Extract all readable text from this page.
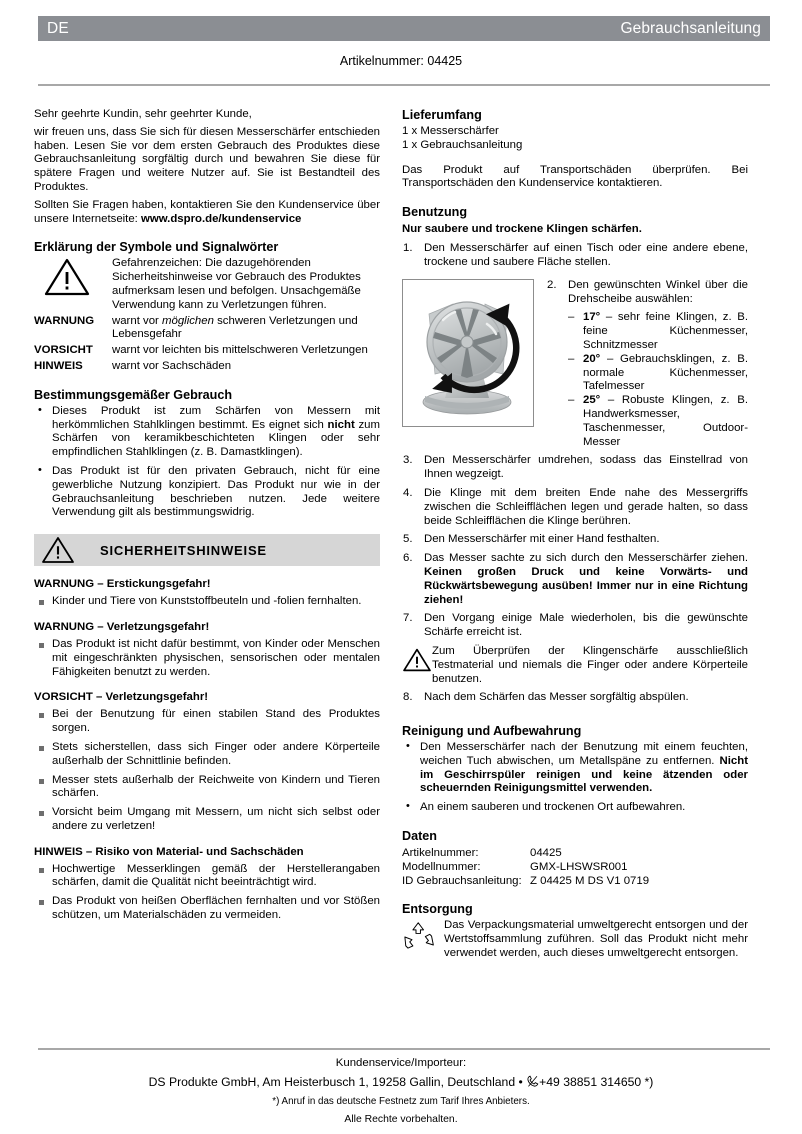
DE	Gebrauchsanleitung
Artikelnummer: 04425
Sehr geehrte Kundin, sehr geehrter Kunde,
wir freuen uns, dass Sie sich für diesen Messerschärfer entschieden haben. Lesen Sie vor dem ersten Gebrauch des Produktes diese Gebrauchsanleitung sorgfältig durch und bewahren Sie diese für spätere Fragen und weitere Nutzer auf. Sie ist Bestandteil des Produktes.
Sollten Sie Fragen haben, kontaktieren Sie den Kundenservice über unsere Internetseite: www.dspro.de/kundenservice
Erklärung der Symbole und Signalwörter
Gefahrenzeichen: Die dazugehörenden Sicherheitshinweise vor Gebrauch des Produktes aufmerksam lesen und befolgen. Unsachgemäße Verwendung kann zu Verletzungen führen.
WARNUNG	warnt vor möglichen schweren Verletzungen und Lebensgefahr
VORSICHT	warnt vor leichten bis mittelschweren Verletzungen
HINWEIS	warnt vor Sachschäden
Bestimmungsgemäßer Gebrauch
• Dieses Produkt ist zum Schärfen von Messern mit herkömmlichen Stahlklingen bestimmt. Es eignet sich nicht zum Schärfen von keramikbeschichteten Klingen oder sehr empfindlichen Stahlklingen (z. B. Damastklingen).
• Das Produkt ist für den privaten Gebrauch, nicht für eine gewerbliche Nutzung konzipiert. Das Produkt nur wie in der Gebrauchsanleitung beschrieben nutzen. Jede weitere Verwendung gilt als bestimmungswidrig.
SICHERHEITSHINWEISE
WARNUNG – Erstickungsgefahr!
Kinder und Tiere von Kunststoffbeuteln und -folien fernhalten.
WARNUNG – Verletzungsgefahr!
Das Produkt ist nicht dafür bestimmt, von Kinder oder Menschen mit eingeschränkten physischen, sensorischen oder mentalen Fähigkeiten benutzt zu werden.
VORSICHT – Verletzungsgefahr!
Bei der Benutzung für einen stabilen Stand des Produktes sorgen.
Stets sicherstellen, dass sich Finger oder andere Körperteile außerhalb der Schnittlinie befinden.
Messer stets außerhalb der Reichweite von Kindern und Tieren schärfen.
Vorsicht beim Umgang mit Messern, um nicht sich selbst oder andere zu verletzen!
HINWEIS – Risiko von Material- und Sachschäden
Hochwertige Messerklingen gemäß der Herstellerangaben schärfen, damit die Qualität nicht beeinträchtigt wird.
Das Produkt von heißen Oberflächen fernhalten und vor Stößen schützen, um Materialschäden zu vermeiden.
Lieferumfang
1 x Messerschärfer
1 x Gebrauchsanleitung
Das Produkt auf Transportschäden überprüfen. Bei Transportschäden den Kundenservice kontaktieren.
Benutzung
Nur saubere und trockene Klingen schärfen.
Den Messerschärfer auf einen Tisch oder eine andere ebene, trockene und saubere Fläche stellen.
Den gewünschten Winkel über die Drehscheibe auswählen:
– 17° – sehr feine Klingen, z. B. feine Küchenmesser, Schnitzmesser
– 20° – Gebrauchsklingen, z. B. normale Küchenmesser, Tafelmesser
– 25° – Robuste Klingen, z. B. Handwerksmesser, Taschenmesser, Outdoor-Messer
Den Messerschärfer umdrehen, sodass das Einstellrad von Ihnen wegzeigt.
Die Klinge mit dem breiten Ende nahe des Messergriffs zwischen die Schleifflächen legen und gerade halten, so dass beide Schleifflächen die Klinge berühren.
Den Messerschärfer mit einer Hand festhalten.
Das Messer sachte zu sich durch den Messerschärfer ziehen. Keinen großen Druck und keine Vorwärts- und Rückwärtsbewegung ausüben! Immer nur in eine Richtung ziehen!
Den Vorgang einige Male wiederholen, bis die gewünschte Schärfe erreicht ist.
Zum Überprüfen der Klingenschärfe ausschließlich Testmaterial und niemals die Finger oder andere Körperteile benutzen.
Nach dem Schärfen das Messer sorgfältig abspülen.
Reinigung und Aufbewahrung
• Den Messerschärfer nach der Benutzung mit einem feuchten, weichen Tuch abwischen, um Metallspäne zu entfernen. Nicht im Geschirrspüler reinigen und keine ätzenden oder scheuernden Reinigungsmittel verwenden.
• An einem sauberen und trockenen Ort aufbewahren.
Daten
Artikelnummer:	04425
Modellnummer:	GMX-LHSWSR001
ID Gebrauchsanleitung:	Z 04425 M DS V1 0719
Entsorgung
Das Verpackungsmaterial umweltgerecht entsorgen und der Wertstoffsammlung zuführen. Soll das Produkt nicht mehr verwendet werden, auch dieses umweltgerecht entsorgen.
Kundenservice/Importeur:
DS Produkte GmbH, Am Heisterbusch 1, 19258 Gallin, Deutschland • +49 38851 314650 *)
*) Anruf in das deutsche Festnetz zum Tarif Ihres Anbieters.
Alle Rechte vorbehalten.
